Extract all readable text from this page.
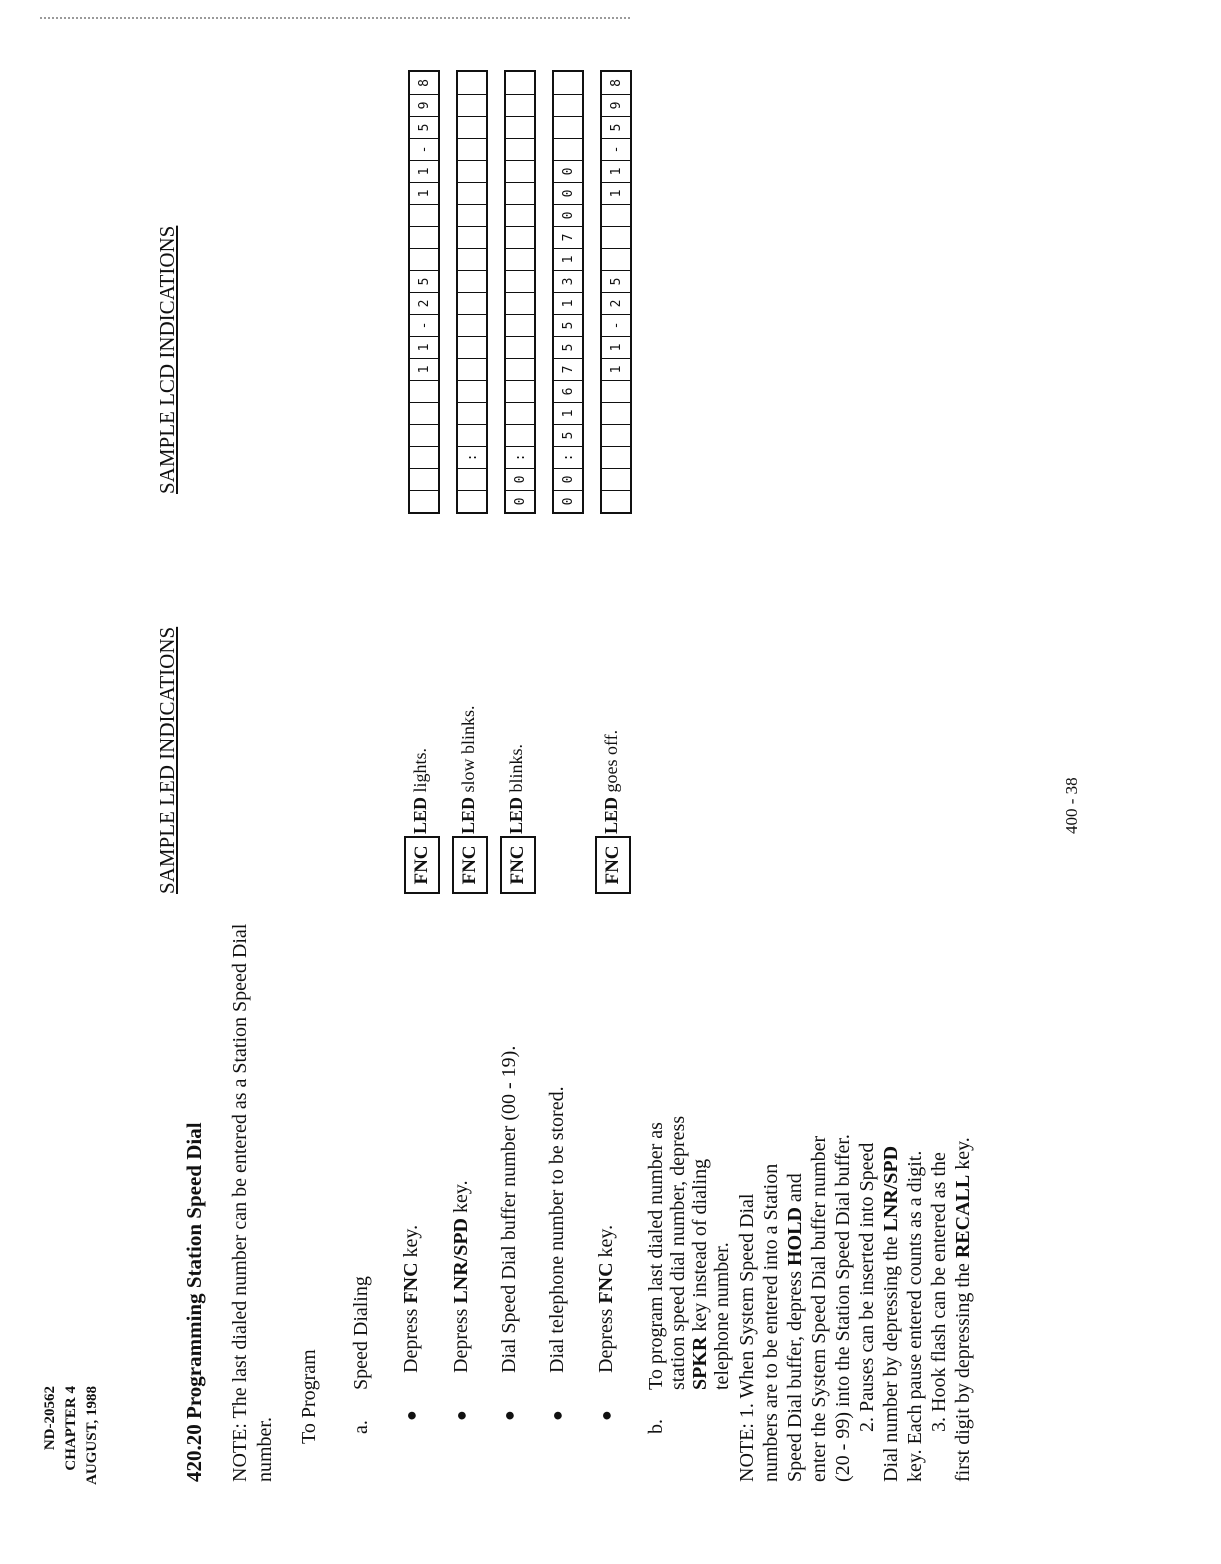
ND-20562 CHAPTER 4 AUGUST, 1988	420.20 Programming Station Speed Dial NOTE: The last dialed number can be entered as a Station Speed Dial number.
To Program a.Speed Dialing
●Depress FNC key.
●Depress LNR/SPD key.
●Dial Speed Dial buffer number (00 - 19).
●Dial telephone number to be stored.
●Depress FNC key.
b.
To program last dialed number as station speed dial number, depress SPKR key instead of dialing telephone number.
NOTE: 1. When System Speed Dial numbers are to be entered into a Station Speed Dial buffer, depress HOLD and enter the System Speed Dial buffer number (20 - 99) into the Station Speed Dial buffer. 2. Pauses can be inserted into Speed Dial number by depressing the LNR/SPD key. Each pause entered counts as a digit. 3. Hook flash can be entered as the first digit by depressing the RECALL key.
SAMPLE LED INDICATIONS
SAMPLE LCD INDICATIONS
FNC
LED lights.
FNC
LED slow blinks.
FNC
LED blinks.
FNC
LED goes off.
1
1
-
2
5
1
1
-
5
9
8
:
0
0
:
0
0
:
5
1
6
7
5
5
1
3
1
7
0
0
0
1
1
-
2
5
1
1
-
5
9
8
400 - 38
